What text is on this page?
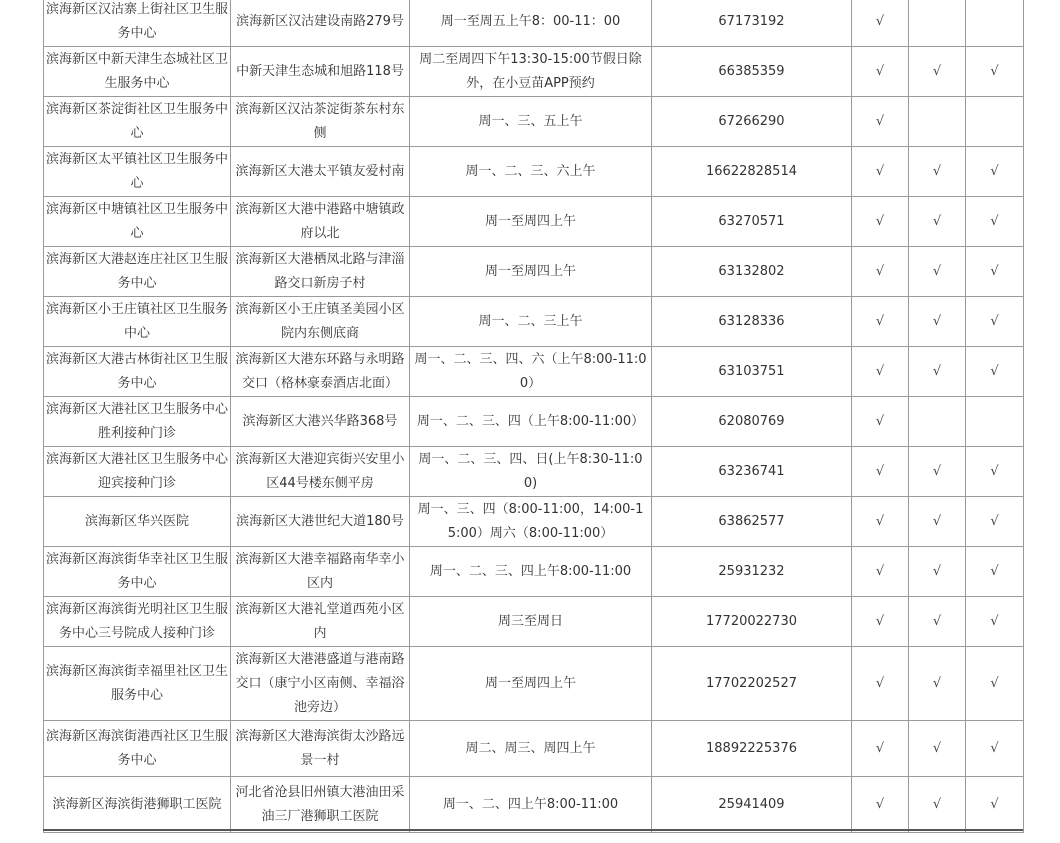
滨海新区汉沽寨上街社区卫生服务中心	滨海新区汉沽建设南路279号	周一至周五上午8：00-11：00	67173192	√		
滨海新区中新天津生态城社区卫生服务中心	中新天津生态城和旭路118号	周二至周四下午13:30-15:00节假日除外，在小豆苗APP预约	66385359	√	√	√
滨海新区茶淀街社区卫生服务中心	滨海新区汉沽茶淀街茶东村东侧	周一、三、五上午	67266290	√		
滨海新区太平镇社区卫生服务中心	滨海新区大港太平镇友爱村南	周一、二、三、六上午	16622828514	√	√	√
滨海新区中塘镇社区卫生服务中心	滨海新区大港中港路中塘镇政府以北	周一至周四上午	63270571	√	√	√
滨海新区大港赵连庄社区卫生服务中心	滨海新区大港栖凤北路与津淄路交口新房子村	周一至周四上午	63132802	√	√	√
滨海新区小王庄镇社区卫生服务中心	滨海新区小王庄镇圣美园小区院内东侧底商	周一、二、三上午	63128336	√	√	√
滨海新区大港古林街社区卫生服务中心	滨海新区大港东环路与永明路交口（格林豪泰酒店北面）	周一、二、三、四、六（上午8:00-11:00）	63103751	√	√	√
滨海新区大港社区卫生服务中心胜利接种门诊	滨海新区大港兴华路368号	周一、二、三、四（上午8:00-11:00）	62080769	√		
滨海新区大港社区卫生服务中心迎宾接种门诊	滨海新区大港迎宾街兴安里小区44号楼东侧平房	周一、二、三、四、日(上午8:30-11:00)	63236741	√	√	√
滨海新区华兴医院	滨海新区大港世纪大道180号	周一、三、四（8:00-11:00，14:00-15:00）周六（8:00-11:00）	63862577	√	√	√
滨海新区海滨街华幸社区卫生服务中心	滨海新区大港幸福路南华幸小区内	周一、二、三、四上午8:00-11:00	25931232	√	√	√
滨海新区海滨街光明社区卫生服务中心三号院成人接种门诊	滨海新区大港礼堂道西苑小区内	周三至周日	17720022730	√	√	√
滨海新区海滨街幸福里社区卫生服务中心	滨海新区大港港盛道与港南路交口（康宁小区南侧、幸福浴池旁边）	周一至周四上午	17702202527	√	√	√
滨海新区海滨街港西社区卫生服务中心	滨海新区大港海滨街太沙路远景一村	周二、周三、周四上午	18892225376	√	√	√
滨海新区海滨街港狮职工医院	河北省沧县旧州镇大港油田采油三厂港狮职工医院	周一、二、四上午8:00-11:00	25941409	√	√	√
